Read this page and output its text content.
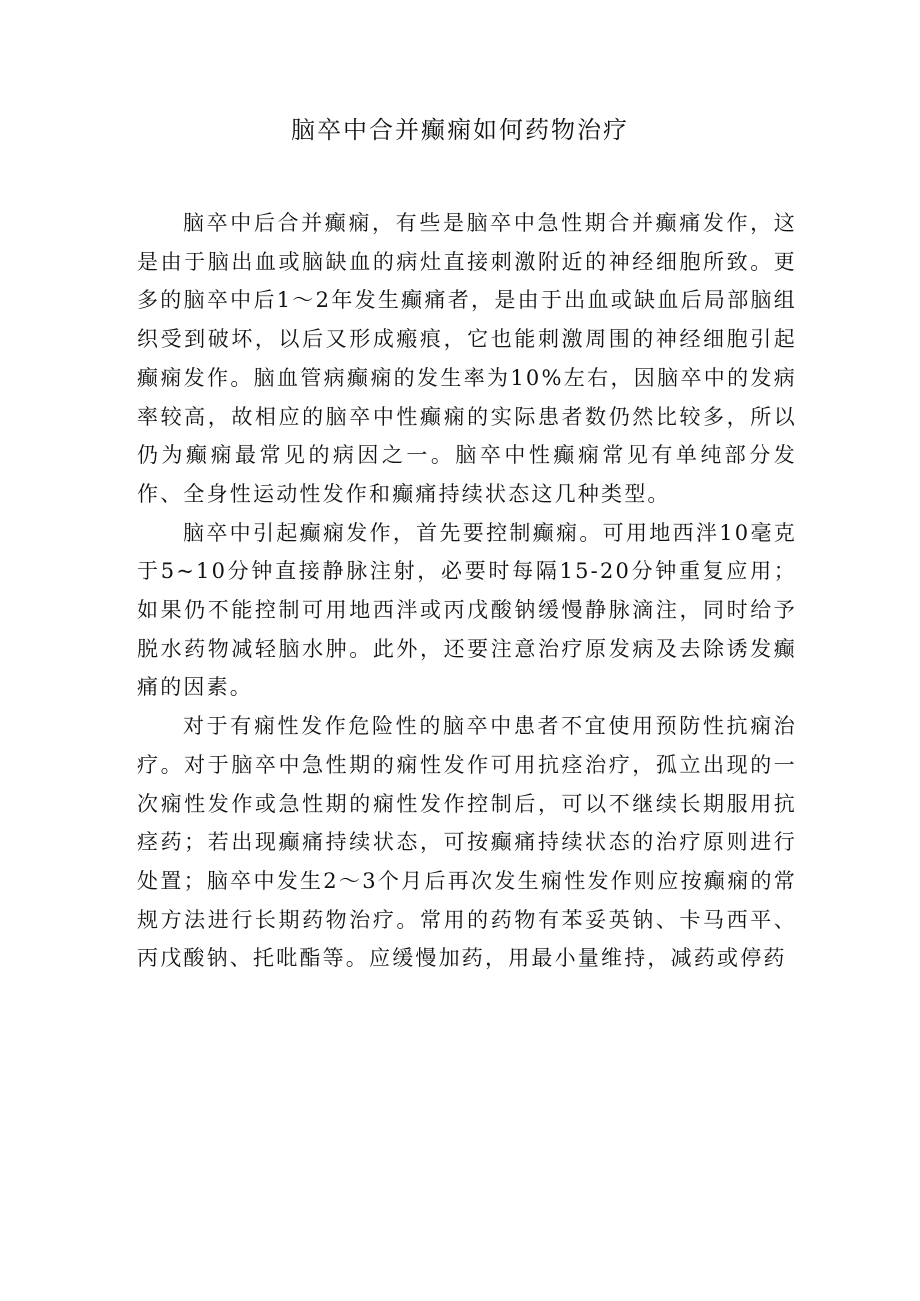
脑卒中合并癫痫如何药物治疗

脑卒中后合并癫痫，有些是脑卒中急性期合并癫痛发作，这是由于脑出血或脑缺血的病灶直接刺激附近的神经细胞所致。更多的脑卒中后1～2年发生癫痛者，是由于出血或缺血后局部脑组织受到破坏，以后又形成瘢痕，它也能刺激周围的神经细胞引起癫痫发作。脑血管病癫痫的发生率为10%左右，因脑卒中的发病率较高，故相应的脑卒中性癫痫的实际患者数仍然比较多，所以仍为癫痫最常见的病因之一。脑卒中性癫痫常见有单纯部分发作、全身性运动性发作和癫痛持续状态这几种类型。

脑卒中引起癫痫发作，首先要控制癫痫。可用地西泮10毫克于5~10分钟直接静脉注射，必要时每隔15-20分钟重复应用；如果仍不能控制可用地西泮或丙戊酸钠缓慢静脉滴注，同时给予脱水药物减轻脑水肿。此外，还要注意治疗原发病及去除诱发癫痛的因素。

对于有痫性发作危险性的脑卒中患者不宜使用预防性抗痫治疗。对于脑卒中急性期的痫性发作可用抗痉治疗，孤立出现的一次痫性发作或急性期的痫性发作控制后，可以不继续长期服用抗痉药；若出现癫痛持续状态，可按癫痛持续状态的治疗原则进行处置；脑卒中发生2～3个月后再次发生痫性发作则应按癫痫的常规方法进行长期药物治疗。常用的药物有苯妥英钠、卡马西平、丙戊酸钠、托吡酯等。应缓慢加药，用最小量维持，减药或停药
